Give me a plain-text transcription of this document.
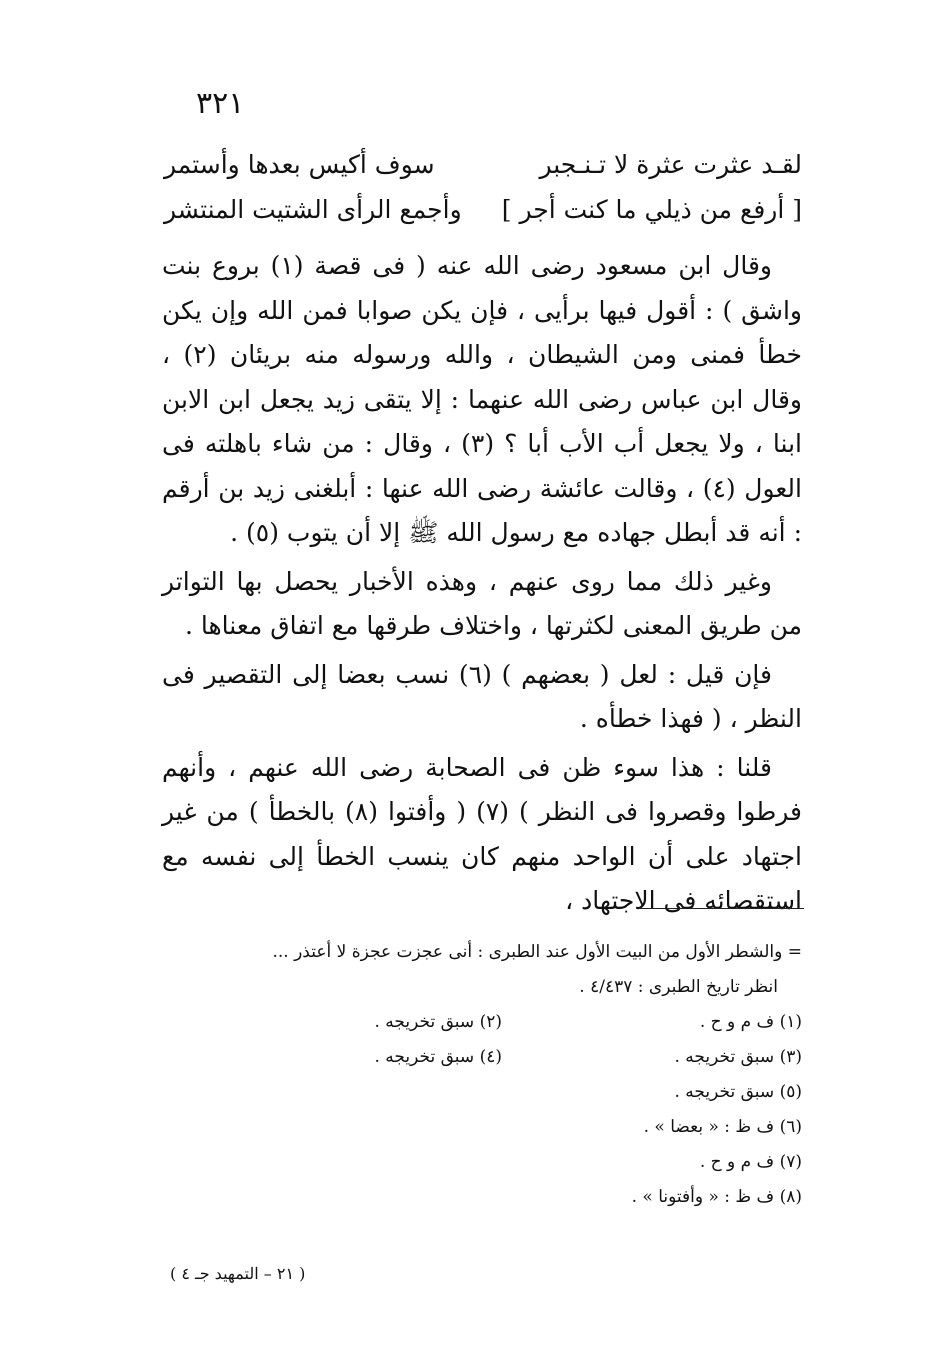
٣٢١
لقـد عثرت عثرة لا تـنـجبر
سوف أكيس بعدها وأستمر
[ أرفع من ذيلي ما كنت أجر ]
وأجمع الرأى الشتيت المنتشر

وقال ابن مسعود رضى الله عنه ( فى قصة (١) بروع بنت واشق ) : أقول فيها برأيى ، فإن يكن صوابا فمن الله وإن يكن خطأ فمنى ومن الشيطان ، والله ورسوله منه بريئان (٢) ، وقال ابن عباس رضى الله عنهما : إلا يتقى زيد يجعل ابن الابن ابنا ، ولا يجعل أب الأب أبا ؟ (٣) ، وقال : من شاء باهلته فى العول (٤) ، وقالت عائشة رضى الله عنها : أبلغنى زيد بن أرقم : أنه قد أبطل جهاده مع رسول الله ﷺ إلا أن يتوب (٥) .

وغير ذلك مما روى عنهم ، وهذه الأخبار يحصل بها التواتر من طريق المعنى لكثرتها ، واختلاف طرقها مع اتفاق معناها .

فإن قيل : لعل ( بعضهم ) (٦) نسب بعضا إلى التقصير فى النظر ، ( فهذا خطأه .

قلنا : هذا سوء ظن فى الصحابة رضى الله عنهم ، وأنهم فرطوا وقصروا فى النظر ) (٧) ( وأفتوا (٨) بالخطأ ) من غير اجتهاد على أن الواحد منهم كان ينسب الخطأ إلى نفسه مع استقصائه فى الاجتهاد ،

= والشطر الأول من البيت الأول عند الطبرى : أنى عجزت عجزة لا أعتذر ...
انظر تاريخ الطبرى : ٤/٤٣٧ .
(١) ف م و ح .
(٢) سبق تخريجه .
(٣) سبق تخريجه .
(٤) سبق تخريجه .
(٥) سبق تخريجه .
(٦) ف ظ : « بعضا » .
(٧) ف م و ح .
(٨) ف ظ : « وأفتونا » .
( ٢١ – التمهيد جـ ٤ )
